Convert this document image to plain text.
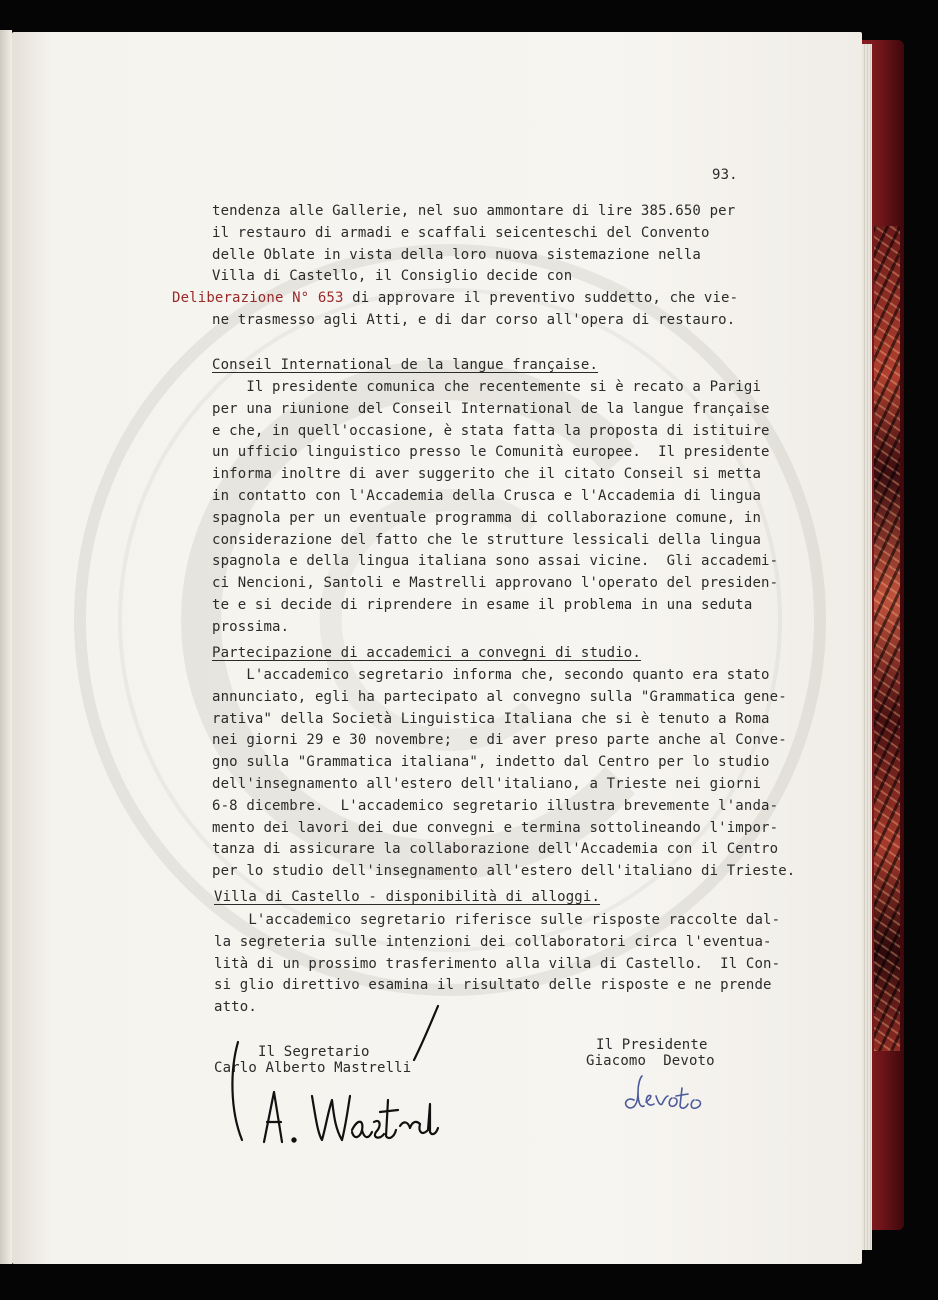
93.
tendenza alle Gallerie, nel suo ammontare di lire 385.650 per
il restauro di armadi e scaffali seicenteschi del Convento
delle Oblate in vista della loro nuova sistemazione nella
Villa di Castello, il Consiglio decide con
Deliberazione N° 653 di approvare il preventivo suddetto, che vie-
ne trasmesso agli Atti, e di dar corso all'opera di restauro.
Conseil International de la langue française.
Il presidente comunica che recentemente si è recato a Parigi
per una riunione del Conseil International de la langue française
e che, in quell'occasione, è stata fatta la proposta di istituire
un ufficio linguistico presso le Comunità europee.  Il presidente
informa inoltre di aver suggerito che il citato Conseil si metta
in contatto con l'Accademia della Crusca e l'Accademia di lingua
spagnola per un eventuale programma di collaborazione comune, in
considerazione del fatto che le strutture lessicali della lingua
spagnola e della lingua italiana sono assai vicine.  Gli accademi-
ci Nencioni, Santoli e Mastrelli approvano l'operato del presiden-
te e si decide di riprendere in esame il problema in una seduta
prossima.
Partecipazione di accademici a convegni di studio.
L'accademico segretario informa che, secondo quanto era stato
annunciato, egli ha partecipato al convegno sulla "Grammatica gene-
rativa" della Società Linguistica Italiana che si è tenuto a Roma
nei giorni 29 e 30 novembre;  e di aver preso parte anche al Conve-
gno sulla "Grammatica italiana", indetto dal Centro per lo studio
dell'insegnamento all'estero dell'italiano, a Trieste nei giorni
6-8 dicembre.  L'accademico segretario illustra brevemente l'anda-
mento dei lavori dei due convegni e termina sottolineando l'impor-
tanza di assicurare la collaborazione dell'Accademia con il Centro
per lo studio dell'insegnamento all'estero dell'italiano di Trieste.
Villa di Castello - disponibilità di alloggi.
L'accademico segretario riferisce sulle risposte raccolte dal-
la segreteria sulle intenzioni dei collaboratori circa l'eventua-
lità di un prossimo trasferimento alla villa di Castello.  Il Con-
si glio direttivo esamina il risultato delle risposte e ne prende
atto.
Il Segretario
Carlo Alberto Mastrelli
Il Presidente
Giacomo  Devoto
